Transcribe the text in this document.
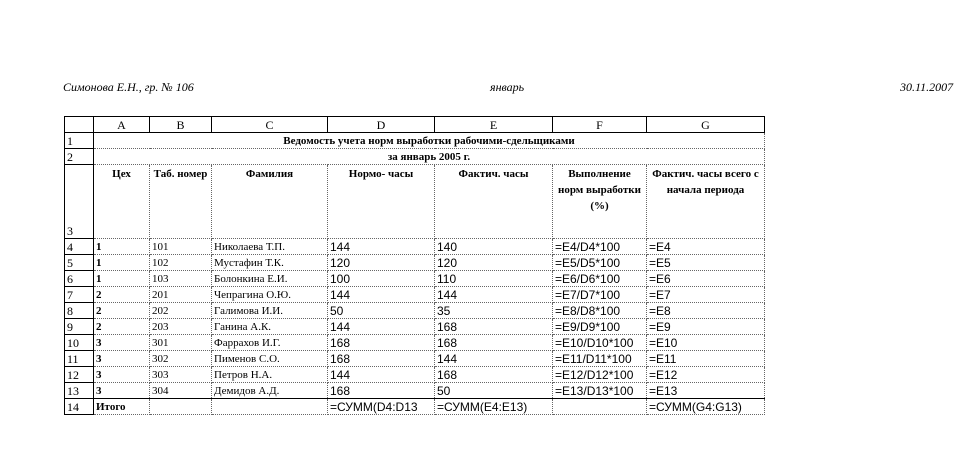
Симонова Е.Н., гр. № 106	январь	30.11.2007
	A	B	C	D	E	F	G
1	Ведомость учета норм выработки рабочими-сдельщиками						
2	за январь 2005 г.						
3	Цех	Таб. номер	Фамилия	Нормо- часы	Фактич. часы	Выполнение норм выработки (%)	Фактич. часы всего с начала периода
4	1	101	Николаева Т.П.	144	140	=E4/D4*100	=E4
5	1	102	Мустафин Т.К.	120	120	=E5/D5*100	=E5
6	1	103	Болонкина Е.И.	100	110	=E6/D6*100	=E6
7	2	201	Чепрагина О.Ю.	144	144	=E7/D7*100	=E7
8	2	202	Галимова И.И.	50	35	=E8/D8*100	=E8
9	2	203	Ганина А.К.	144	168	=E9/D9*100	=E9
10	3	301	Фаррахов И.Г.	168	168	=E10/D10*100	=E10
11	3	302	Пименов С.О.	168	144	=E11/D11*100	=E11
12	3	303	Петров Н.А.	144	168	=E12/D12*100	=E12
13	3	304	Демидов А.Д.	168	50	=E13/D13*100	=E13
14	Итого			=СУММ(D4:D13	=СУММ(E4:E13)		=СУММ(G4:G13)
